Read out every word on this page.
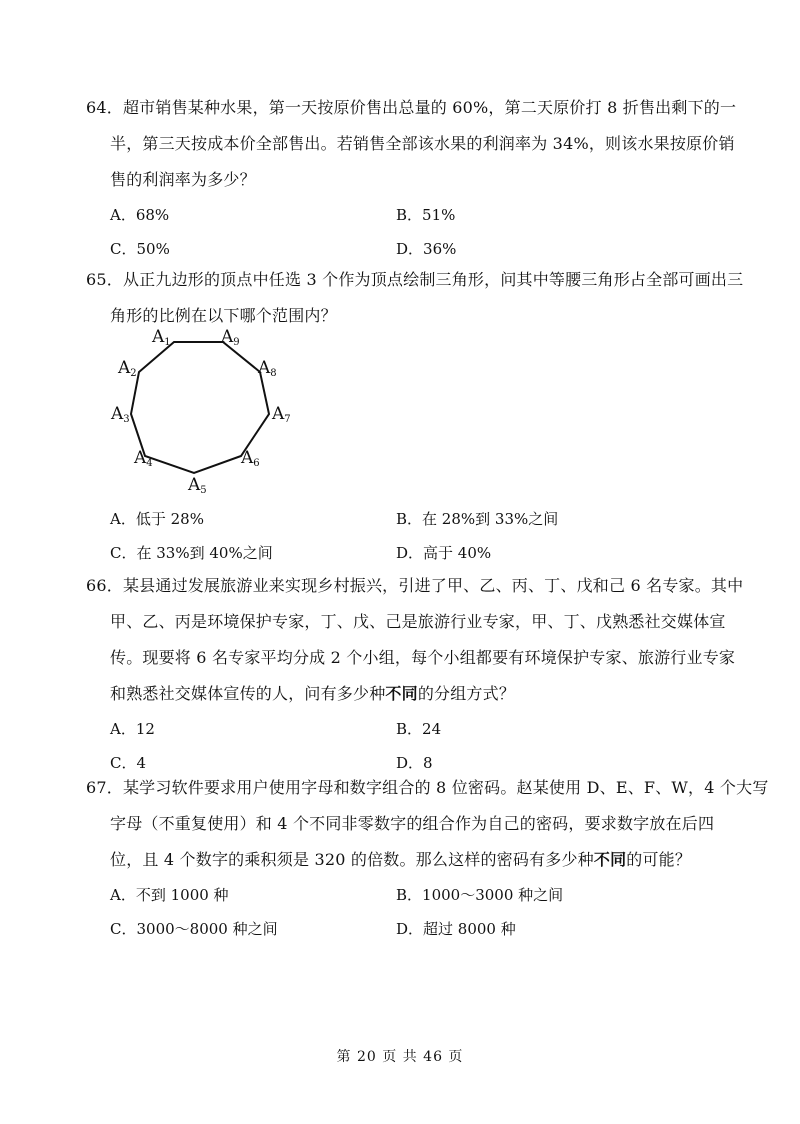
64．超市销售某种水果，第一天按原价售出总量的 60%，第二天原价打 8 折售出剩下的一
半，第三天按成本价全部售出。若销售全部该水果的利润率为 34%，则该水果按原价销
售的利润率为多少？
A．68%	B．51%
C．50%	D．36%
65．从正九边形的顶点中任选 3 个作为顶点绘制三角形，问其中等腰三角形占全部可画出三
角形的比例在以下哪个范围内？
A1
A2
A3
A4
A5
A6
A7
A8
A9
A．低于 28%	B．在 28%到 33%之间
C．在 33%到 40%之间	D．高于 40%
66．某县通过发展旅游业来实现乡村振兴，引进了甲、乙、丙、丁、戊和己 6 名专家。其中
甲、乙、丙是环境保护专家，丁、戊、己是旅游行业专家，甲、丁、戊熟悉社交媒体宣
传。现要将 6 名专家平均分成 2 个小组，每个小组都要有环境保护专家、旅游行业专家
和熟悉社交媒体宣传的人，问有多少种不同的分组方式？
A．12	B．24
C．4	D．8
67．某学习软件要求用户使用字母和数字组合的 8 位密码。赵某使用 D、E、F、W，4 个大写
字母（不重复使用）和 4 个不同非零数字的组合作为自己的密码，要求数字放在后四
位，且 4 个数字的乘积须是 320 的倍数。那么这样的密码有多少种不同的可能？
A．不到 1000 种	B．1000～3000 种之间
C．3000～8000 种之间	D．超过 8000 种
第 20 页 共 46 页
